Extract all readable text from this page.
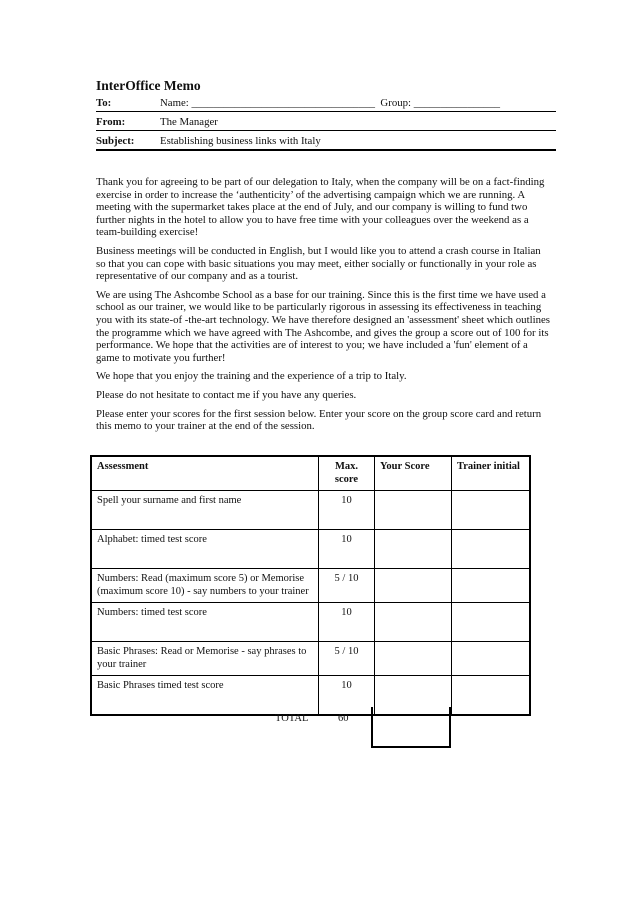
InterOffice Memo
To:	Name: __________________________________  Group: ________________
From:	The Manager
Subject: Establishing business links with Italy

Thank you for agreeing to be part of our delegation to Italy, when the company will be on a fact-finding exercise in order to increase the ‘authenticity’ of the advertising campaign which we are running. A meeting with the supermarket takes place at the end of July, and our company is willing to fund two further nights in the hotel to allow you to have free time with your colleagues over the weekend as a team-building exercise!

Business meetings will be conducted in English, but I would like you to attend a crash course in Italian so that you can cope with basic situations you may meet, either socially or functionally in your role as representative of our company and as a tourist.

We are using The Ashcombe School as a base for our training. Since this is the first time we have used a school as our trainer, we would like to be particularly rigorous in assessing its effectiveness in teaching you with its state-of -the-art technology. We have therefore designed an 'assessment' sheet which outlines the programme which we have agreed with The Ashcombe, and gives the group a score out of 100 for its performance. We hope that the activities are of interest to you; we have included a 'fun' element of a game to motivate you further!

We hope that you enjoy the training and the experience of a trip to Italy.

Please do not hesitate to contact me if you have any queries.

Please enter your scores for the first session below. Enter your score on the group score card and return this memo to your trainer at the end of the session.

Assessment	Max. score	Your Score	Trainer initial
Spell your surname and first name	10		
Alphabet: timed test score	10		
Numbers: Read (maximum score 5) or Memorise (maximum score 10) - say numbers to your trainer	5 / 10		
Numbers: timed test score	10		
Basic Phrases: Read or Memorise - say phrases to your trainer	5 / 10		
Basic Phrases timed test score	10		
TOTAL	60
